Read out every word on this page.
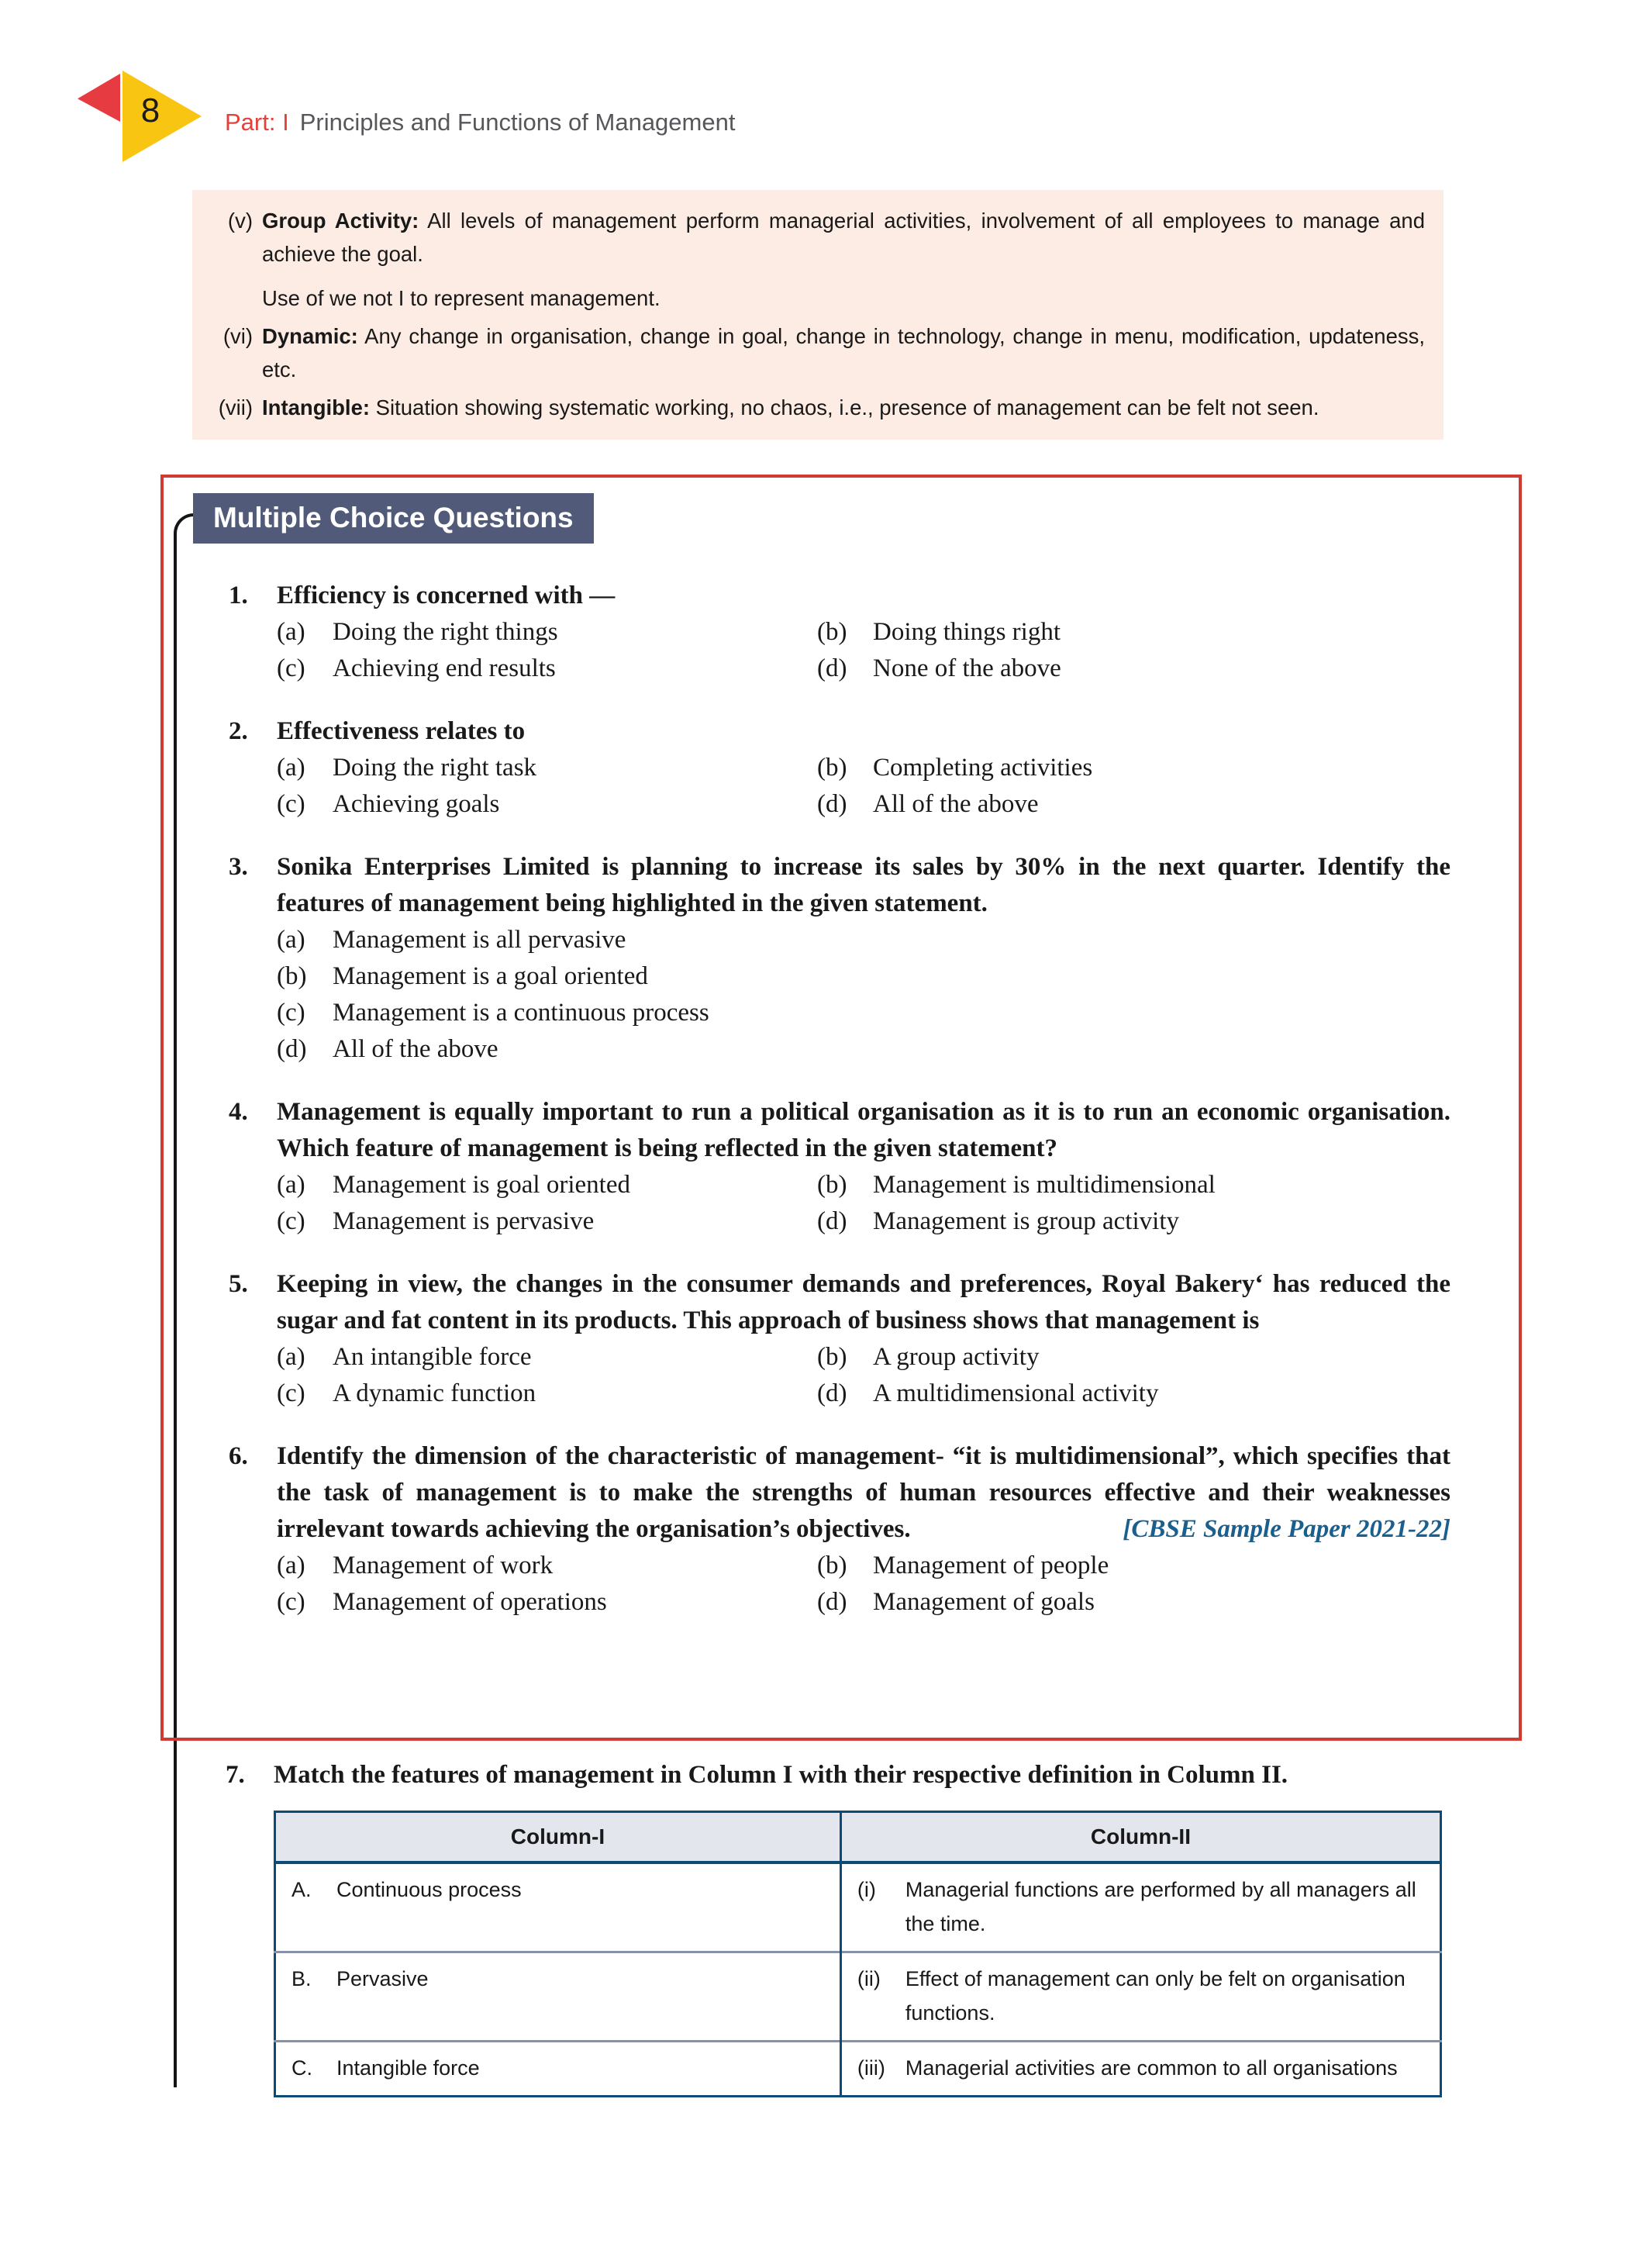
8	Part: I Principles and Functions of Management
(v) Group Activity: All levels of management perform managerial activities, involvement of all employees to manage and achieve the goal.
Use of we not I to represent management.
(vi) Dynamic: Any change in organisation, change in goal, change in technology, change in menu, modification, updateness, etc.
(vii) Intangible: Situation showing systematic working, no chaos, i.e., presence of management can be felt not seen.
Multiple Choice Questions
1.	Efficiency is concerned with —
(a)	Doing the right things	(b)	Doing things right
(c)	Achieving end results	(d)	None of the above
2.	Effectiveness relates to
(a)	Doing the right task	(b)	Completing activities
(c)	Achieving goals	(d)	All of the above
3.	Sonika Enterprises Limited is planning to increase its sales by 30% in the next quarter. Identify the features of management being highlighted in the given statement.
(a)	Management is all pervasive
(b)	Management is a goal oriented
(c)	Management is a continuous process
(d)	All of the above
4.	Management is equally important to run a political organisation as it is to run an economic organisation. Which feature of management is being reflected in the given statement?
(a)	Management is goal oriented	(b)	Management is multidimensional
(c)	Management is pervasive	(d)	Management is group activity
5.	Keeping in view, the changes in the consumer demands and preferences, Royal Bakery‘ has reduced the sugar and fat content in its products. This approach of business shows that management is
(a)	An intangible force	(b)	A group activity
(c)	A dynamic function	(d)	A multidimensional activity
6.	Identify the dimension of the characteristic of management- “it is multidimensional”, which specifies that the task of management is to make the strengths of human resources effective and their weaknesses irrelevant towards achieving the organisation’s objectives.	[CBSE Sample Paper 2021-22]
(a)	Management of work	(b)	Management of people
(c)	Management of operations	(d)	Management of goals
7.	Match the features of management in Column I with their respective definition in Column II.
Column-I	Column-II

A. Continuous process	(i) Managerial functions are performed by all managers all the time.

B. Pervasive	(ii) Effect of management can only be felt on organisation functions.

C. Intangible force	(iii) Managerial activities are common to all organisations
